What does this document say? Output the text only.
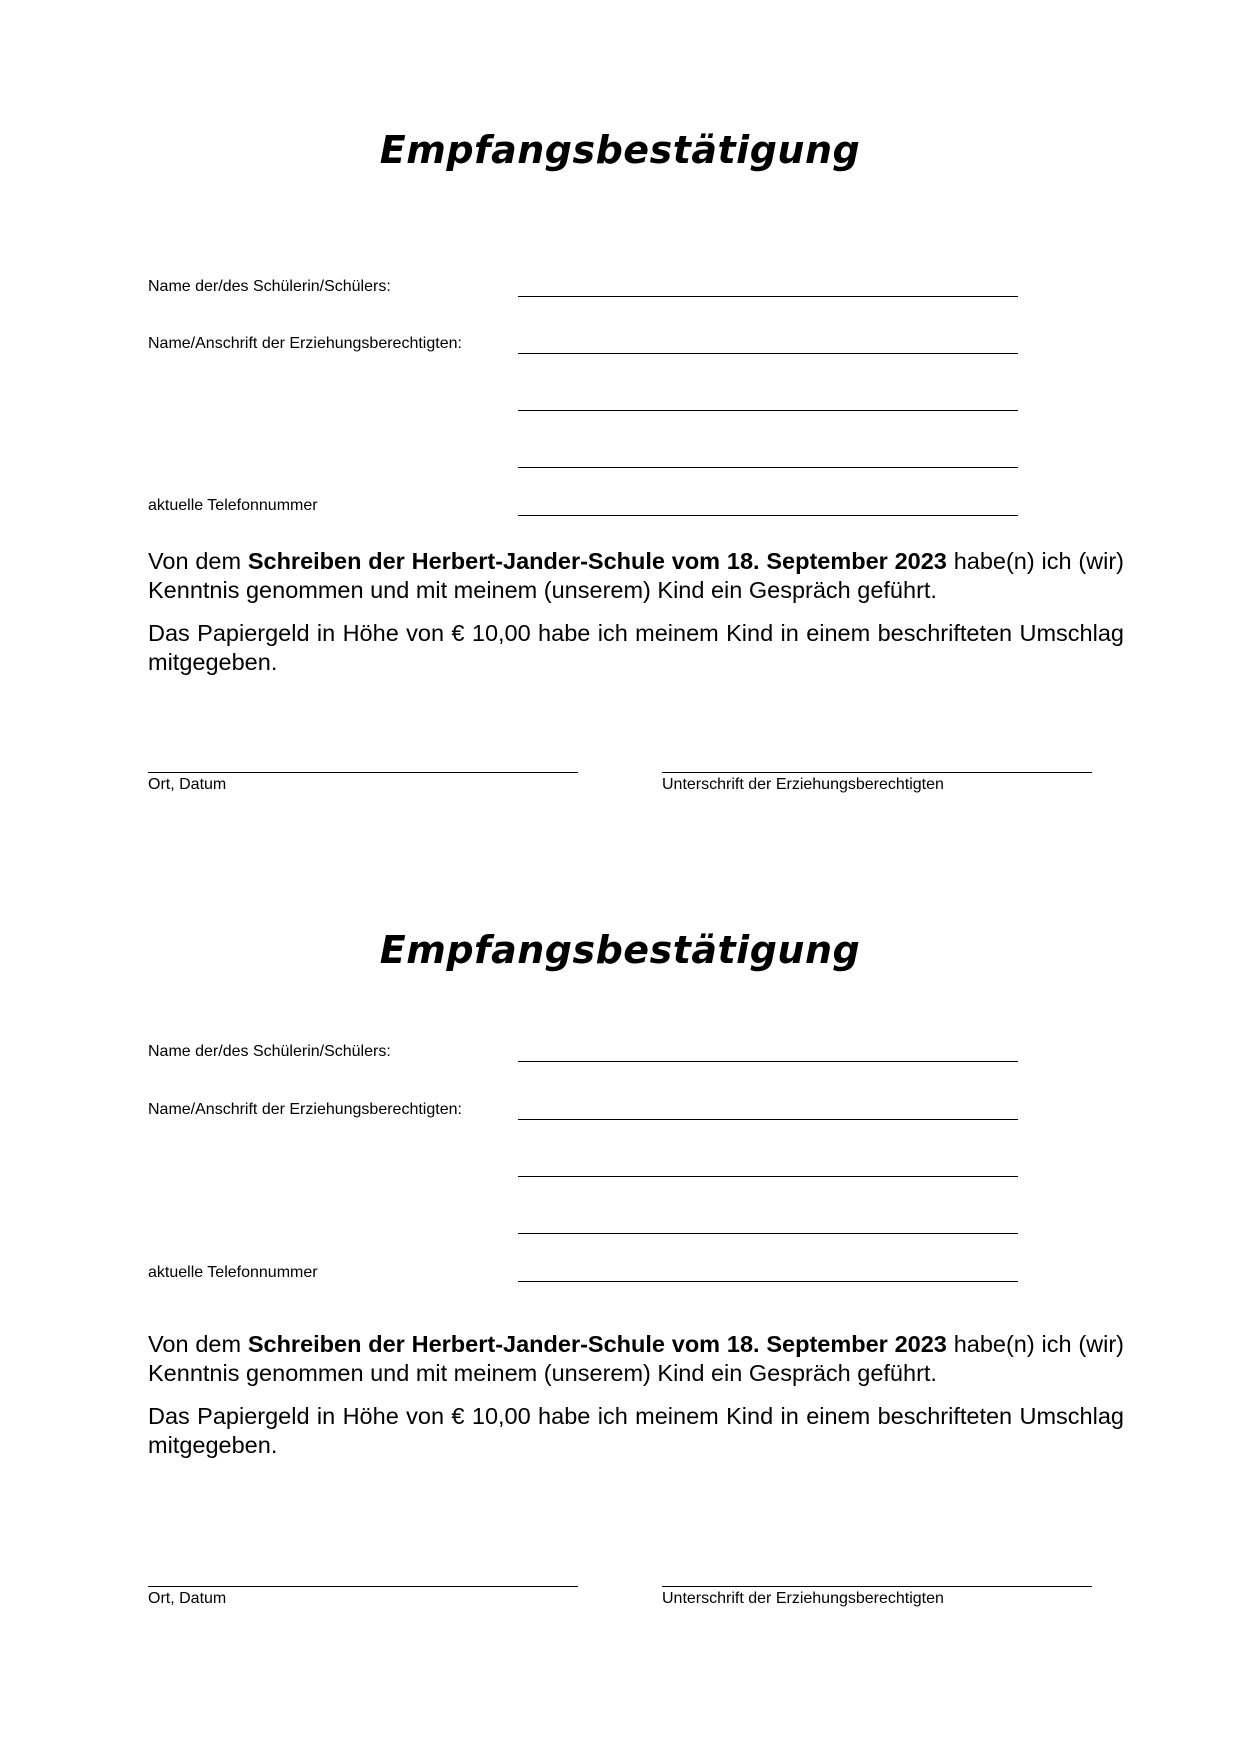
Empfangsbestätigung
Name der/des Schülerin/Schülers:
Name/Anschrift der Erziehungsberechtigten:
aktuelle Telefonnummer

Von dem Schreiben der Herbert-Jander-Schule vom 18. September 2023 habe(n) ich (wir) Kenntnis genommen und mit meinem (unserem) Kind ein Gespräch geführt.

Das Papiergeld in Höhe von € 10,00 habe ich meinem Kind in einem beschrifteten Umschlag mitgegeben.

Ort, Datum	Unterschrift der Erziehungsberechtigten
Empfangsbestätigung
Name der/des Schülerin/Schülers:
Name/Anschrift der Erziehungsberechtigten:
aktuelle Telefonnummer

Von dem Schreiben der Herbert-Jander-Schule vom 18. September 2023 habe(n) ich (wir) Kenntnis genommen und mit meinem (unserem) Kind ein Gespräch geführt.

Das Papiergeld in Höhe von € 10,00 habe ich meinem Kind in einem beschrifteten Umschlag mitgegeben.

Ort, Datum	Unterschrift der Erziehungsberechtigten
